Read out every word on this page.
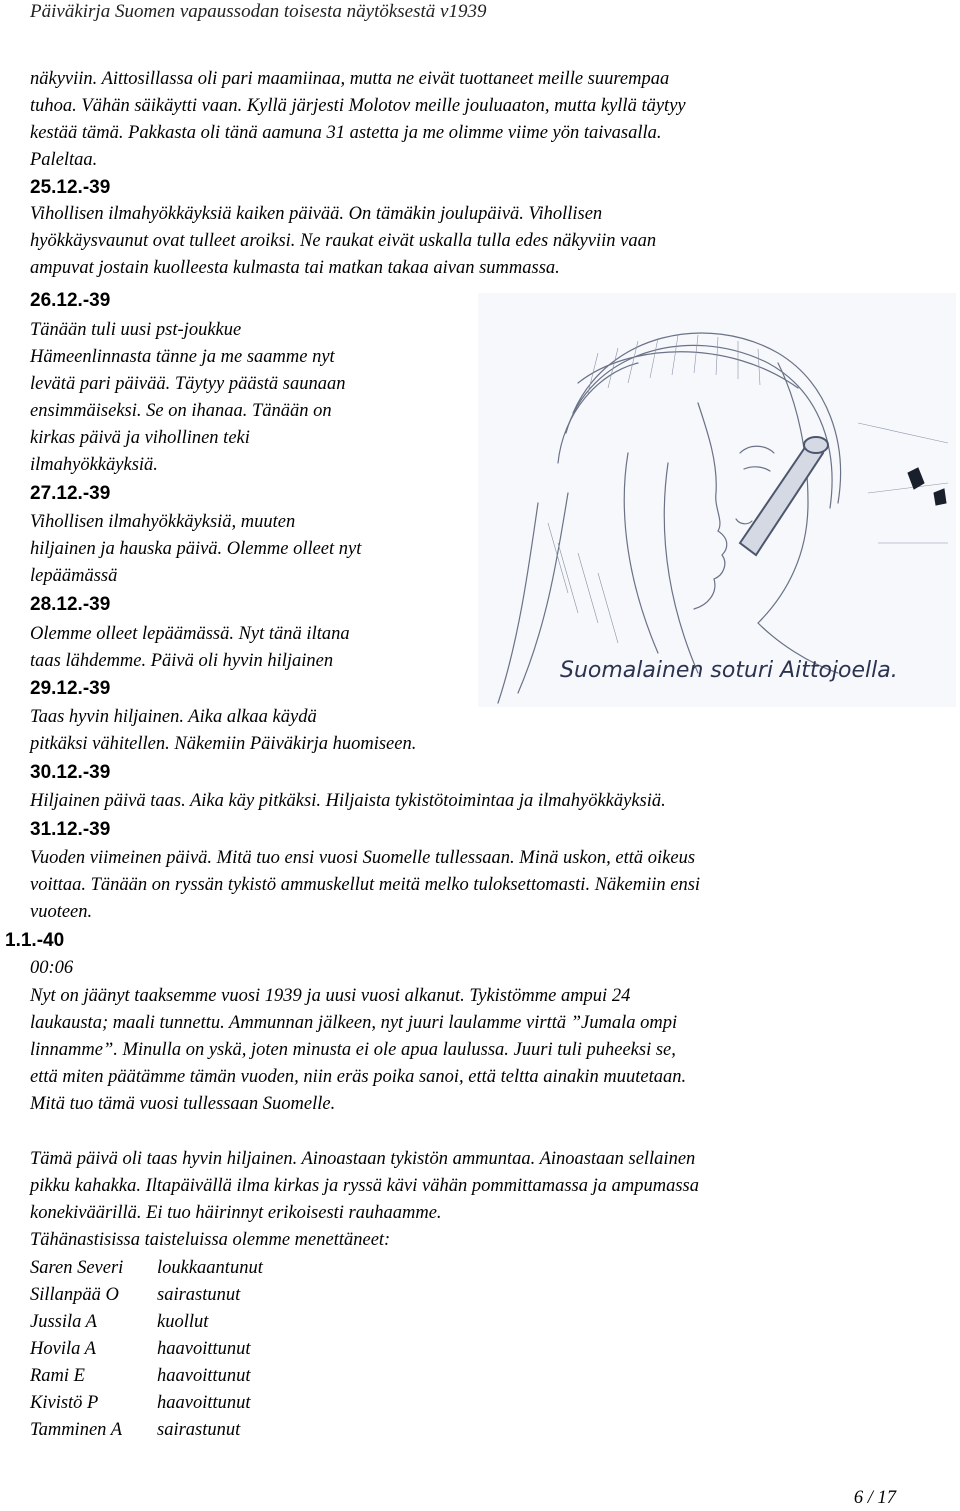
Päiväkirja Suomen vapaussodan toisesta näytöksestä v1939
näkyviin. Aittosillassa oli pari maamiinaa, mutta ne eivät tuottaneet meille suurempaa
tuhoa. Vähän säikäytti vaan. Kyllä järjesti Molotov meille jouluaaton, mutta kyllä täytyy
kestää tämä. Pakkasta oli tänä aamuna 31 astetta ja me olimme viime yön taivasalla.
Paleltaa.
25.12.-39
Vihollisen ilmahyökkäyksiä kaiken päivää. On tämäkin joulupäivä. Vihollisen
hyökkäysvaunut ovat tulleet aroiksi. Ne raukat eivät uskalla tulla edes näkyviin vaan
ampuvat jostain kuolleesta kulmasta tai matkan takaa aivan summassa.
Suomalainen soturi Aittojoella.
26.12.-39
Tänään tuli uusi pst-joukkue
Hämeenlinnasta tänne ja me saamme nyt
levätä pari päivää. Täytyy päästä saunaan
ensimmäiseksi. Se on ihanaa. Tänään on
kirkas päivä ja vihollinen teki
ilmahyökkäyksiä.
27.12.-39
Vihollisen ilmahyökkäyksiä, muuten
hiljainen ja hauska päivä. Olemme olleet nyt
lepäämässä
28.12.-39
Olemme olleet lepäämässä. Nyt tänä iltana
taas lähdemme. Päivä oli hyvin hiljainen
29.12.-39
Taas hyvin hiljainen. Aika alkaa käydä
pitkäksi vähitellen. Näkemiin Päiväkirja huomiseen.
30.12.-39
Hiljainen päivä taas. Aika käy pitkäksi. Hiljaista tykistötoimintaa ja ilmahyökkäyksiä.
31.12.-39
Vuoden viimeinen päivä. Mitä tuo ensi vuosi Suomelle tullessaan. Minä uskon, että oikeus
voittaa. Tänään on ryssän tykistö ammuskellut meitä melko tuloksettomasti. Näkemiin ensi
vuoteen.
1.1.-40
00:06
Nyt on jäänyt taaksemme vuosi 1939 ja uusi vuosi alkanut. Tykistömme ampui 24
laukausta; maali tunnettu. Ammunnan jälkeen, nyt juuri laulamme virttä ”Jumala ompi
linnamme”. Minulla on yskä, joten minusta ei ole apua laulussa. Juuri tuli puheeksi se,
että miten päätämme tämän vuoden, niin eräs poika sanoi, että teltta ainakin muutetaan.
Mitä tuo tämä vuosi tullessaan Suomelle.
Tämä päivä oli taas hyvin hiljainen. Ainoastaan tykistön ammuntaa. Ainoastaan sellainen
pikku kahakka. Iltapäivällä ilma kirkas ja ryssä kävi vähän pommittamassa ja ampumassa
konekiväärillä. Ei tuo häirinnyt erikoisesti rauhaamme.
Tähänastisissa taisteluissa olemme menettäneet:
Saren Severi loukkaantunut
Sillanpää O sairastunut
Jussila A	kuollut
Hovila A	haavoittunut
Rami E	haavoittunut
Kivistö P	haavoittunut
Tamminen A sairastunut
6 / 17
